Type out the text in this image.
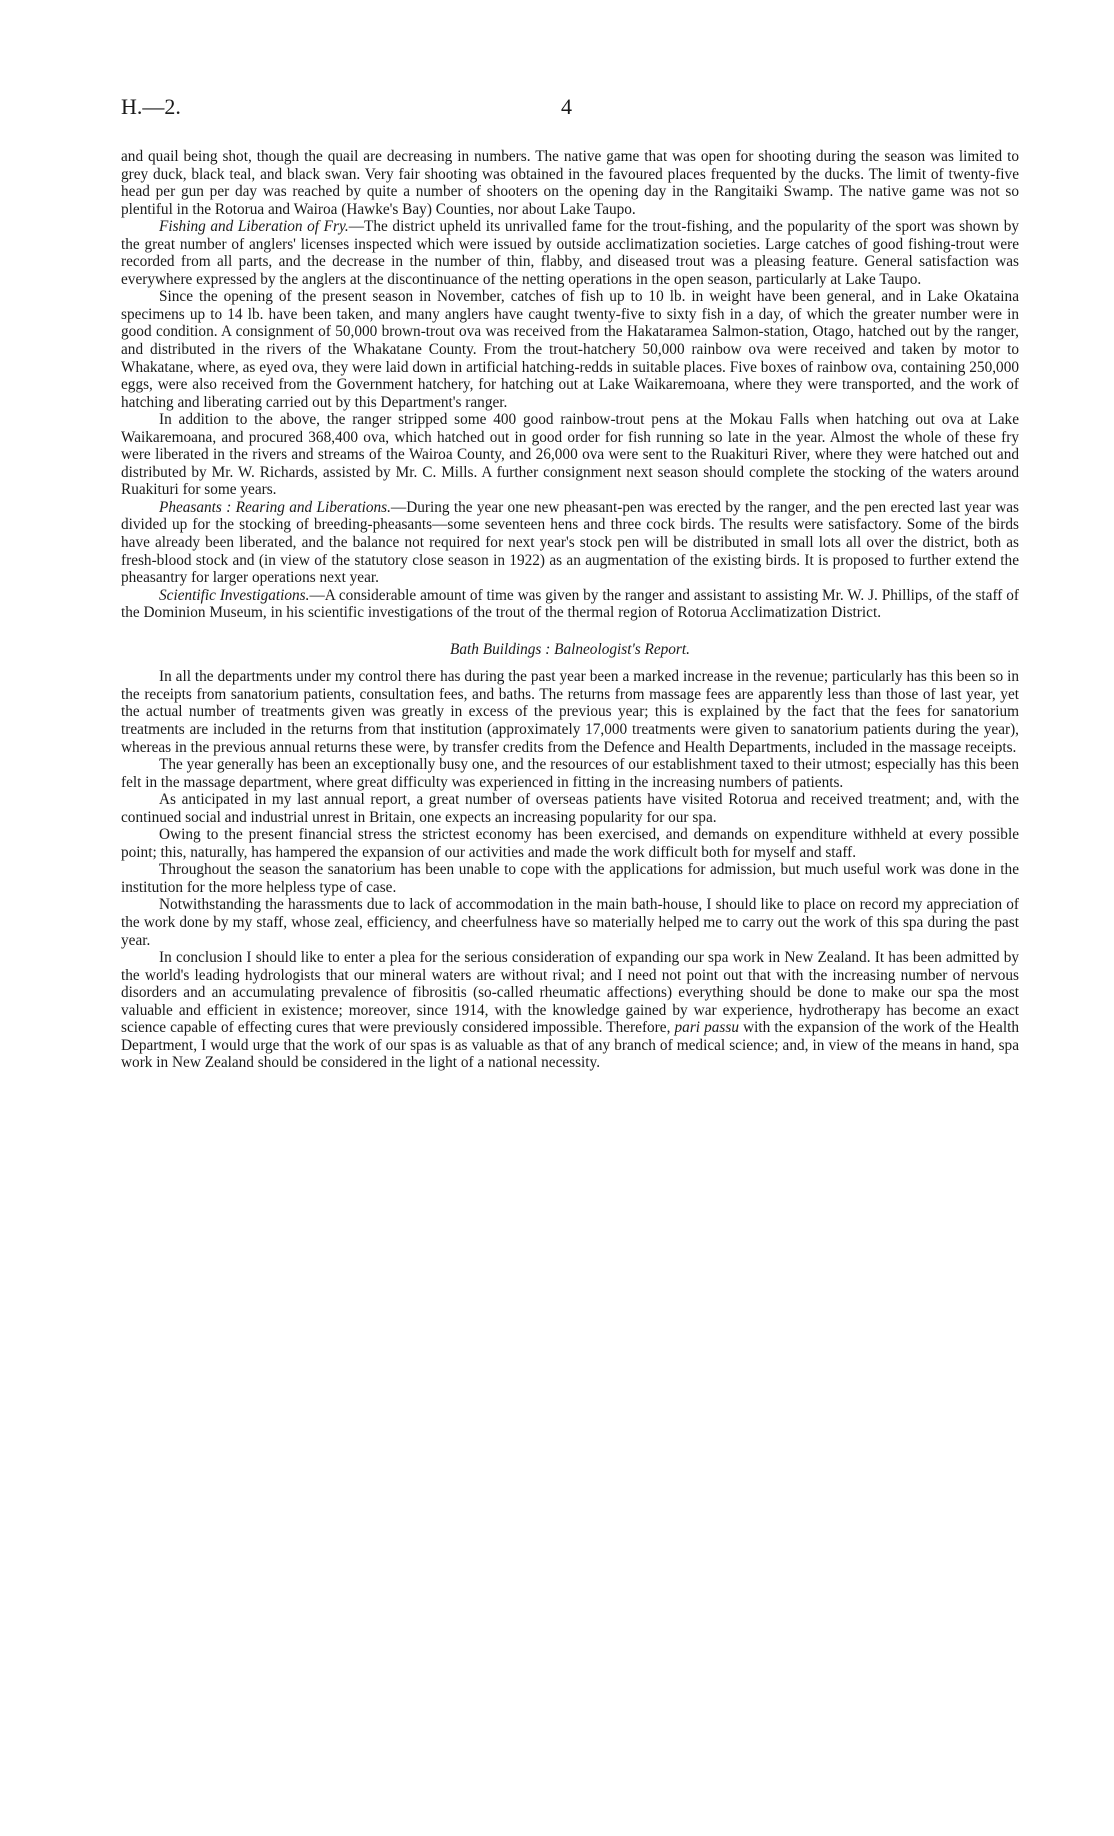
H.—2.	4

and quail being shot, though the quail are decreasing in numbers. The native game that was open for shooting during the season was limited to grey duck, black teal, and black swan. Very fair shooting was obtained in the favoured places frequented by the ducks. The limit of twenty-five head per gun per day was reached by quite a number of shooters on the opening day in the Rangitaiki Swamp. The native game was not so plentiful in the Rotorua and Wairoa (Hawke's Bay) Counties, nor about Lake Taupo.

Fishing and Liberation of Fry.—The district upheld its unrivalled fame for the trout-fishing, and the popularity of the sport was shown by the great number of anglers' licenses inspected which were issued by outside acclimatization societies. Large catches of good fishing-trout were recorded from all parts, and the decrease in the number of thin, flabby, and diseased trout was a pleasing feature. General satisfaction was everywhere expressed by the anglers at the discontinuance of the netting operations in the open season, particularly at Lake Taupo.

Since the opening of the present season in November, catches of fish up to 10 lb. in weight have been general, and in Lake Okataina specimens up to 14 lb. have been taken, and many anglers have caught twenty-five to sixty fish in a day, of which the greater number were in good condition. A consignment of 50,000 brown-trout ova was received from the Hakataramea Salmon-station, Otago, hatched out by the ranger, and distributed in the rivers of the Whakatane County. From the trout-hatchery 50,000 rainbow ova were received and taken by motor to Whakatane, where, as eyed ova, they were laid down in artificial hatching-redds in suitable places. Five boxes of rainbow ova, containing 250,000 eggs, were also received from the Government hatchery, for hatching out at Lake Waikaremoana, where they were transported, and the work of hatching and liberating carried out by this Department's ranger.

In addition to the above, the ranger stripped some 400 good rainbow-trout pens at the Mokau Falls when hatching out ova at Lake Waikaremoana, and procured 368,400 ova, which hatched out in good order for fish running so late in the year. Almost the whole of these fry were liberated in the rivers and streams of the Wairoa County, and 26,000 ova were sent to the Ruakituri River, where they were hatched out and distributed by Mr. W. Richards, assisted by Mr. C. Mills. A further consignment next season should complete the stocking of the waters around Ruakituri for some years.

Pheasants : Rearing and Liberations.—During the year one new pheasant-pen was erected by the ranger, and the pen erected last year was divided up for the stocking of breeding-pheasants—some seventeen hens and three cock birds. The results were satisfactory. Some of the birds have already been liberated, and the balance not required for next year's stock pen will be distributed in small lots all over the district, both as fresh-blood stock and (in view of the statutory close season in 1922) as an augmentation of the existing birds. It is proposed to further extend the pheasantry for larger operations next year.

Scientific Investigations.—A considerable amount of time was given by the ranger and assistant to assisting Mr. W. J. Phillips, of the staff of the Dominion Museum, in his scientific investigations of the trout of the thermal region of Rotorua Acclimatization District.

Bath Buildings : Balneologist's Report.

In all the departments under my control there has during the past year been a marked increase in the revenue; particularly has this been so in the receipts from sanatorium patients, consultation fees, and baths. The returns from massage fees are apparently less than those of last year, yet the actual number of treatments given was greatly in excess of the previous year; this is explained by the fact that the fees for sanatorium treatments are included in the returns from that institution (approximately 17,000 treatments were given to sanatorium patients during the year), whereas in the previous annual returns these were, by transfer credits from the Defence and Health Departments, included in the massage receipts.

The year generally has been an exceptionally busy one, and the resources of our establishment taxed to their utmost; especially has this been felt in the massage department, where great difficulty was experienced in fitting in the increasing numbers of patients.

As anticipated in my last annual report, a great number of overseas patients have visited Rotorua and received treatment; and, with the continued social and industrial unrest in Britain, one expects an increasing popularity for our spa.

Owing to the present financial stress the strictest economy has been exercised, and demands on expenditure withheld at every possible point; this, naturally, has hampered the expansion of our activities and made the work difficult both for myself and staff.

Throughout the season the sanatorium has been unable to cope with the applications for admission, but much useful work was done in the institution for the more helpless type of case.

Notwithstanding the harassments due to lack of accommodation in the main bath-house, I should like to place on record my appreciation of the work done by my staff, whose zeal, efficiency, and cheerfulness have so materially helped me to carry out the work of this spa during the past year.

In conclusion I should like to enter a plea for the serious consideration of expanding our spa work in New Zealand. It has been admitted by the world's leading hydrologists that our mineral waters are without rival; and I need not point out that with the increasing number of nervous disorders and an accumulating prevalence of fibrositis (so-called rheumatic affections) everything should be done to make our spa the most valuable and efficient in existence; moreover, since 1914, with the knowledge gained by war experience, hydrotherapy has become an exact science capable of effecting cures that were previously considered impossible. Therefore, pari passu with the expansion of the work of the Health Department, I would urge that the work of our spas is as valuable as that of any branch of medical science; and, in view of the means in hand, spa work in New Zealand should be considered in the light of a national necessity.
